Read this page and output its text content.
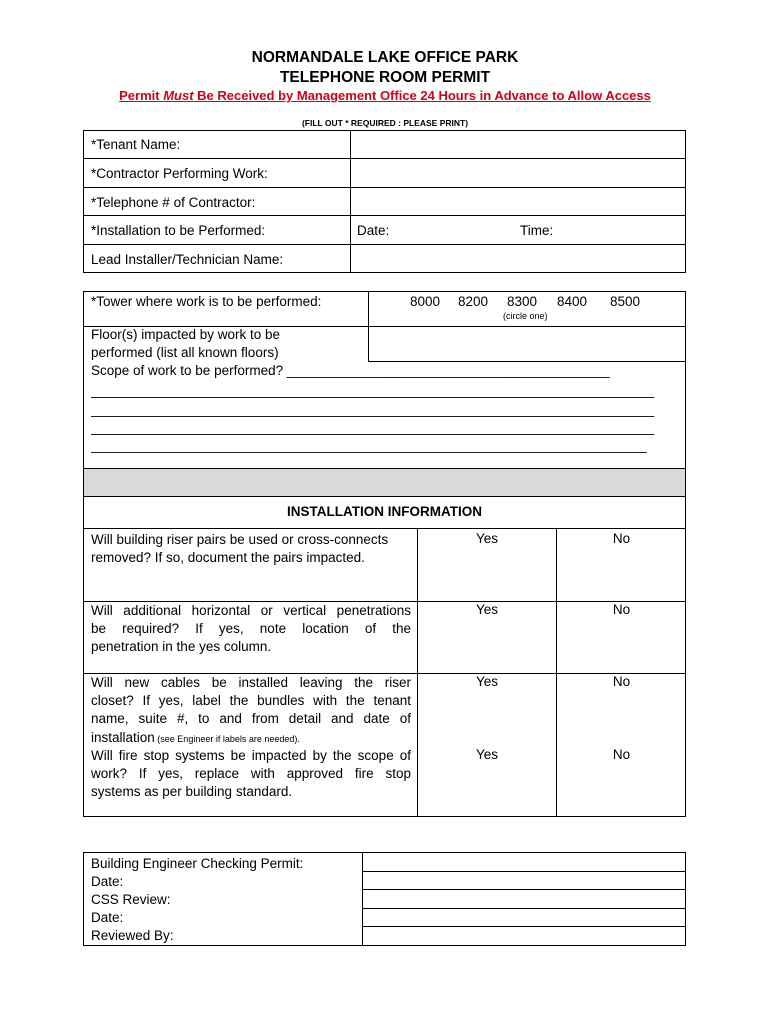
NORMANDALE LAKE OFFICE PARK
TELEPHONE ROOM PERMIT
Permit Must Be Received by Management Office 24 Hours in Advance to Allow Access
(FILL OUT * REQUIRED : PLEASE PRINT)
*Tenant Name:
*Contractor Performing Work:
*Telephone # of Contractor:
*Installation to be Performed:	Date:	Time:
Lead Installer/Technician Name:
*Tower where work is to be performed:	8000 8200 8300 8400 8500
(circle one)
Floor(s) impacted by work to be
performed (list all known floors)
Scope of work to be performed? ___________________________________________
___________________________________________________________________________
___________________________________________________________________________
___________________________________________________________________________
__________________________________________________________________________
INSTALLATION INFORMATION
Will building riser pairs be used or cross-connects
removed? If so, document the pairs impacted.
Yes	No
Will additional horizontal or vertical penetrations
be required? If yes, note location of the
penetration in the yes column.
Yes	No
Will new cables be installed leaving the riser
closet? If yes, label the bundles with the tenant
name, suite #, to and from detail and date of
installation (see Engineer if labels are needed).
Yes	No
Will fire stop systems be impacted by the scope of
work? If yes, replace with approved fire stop
systems as per building standard.
Yes	No
Building Engineer Checking Permit:
Date:
CSS Review:
Date:
Reviewed By:
